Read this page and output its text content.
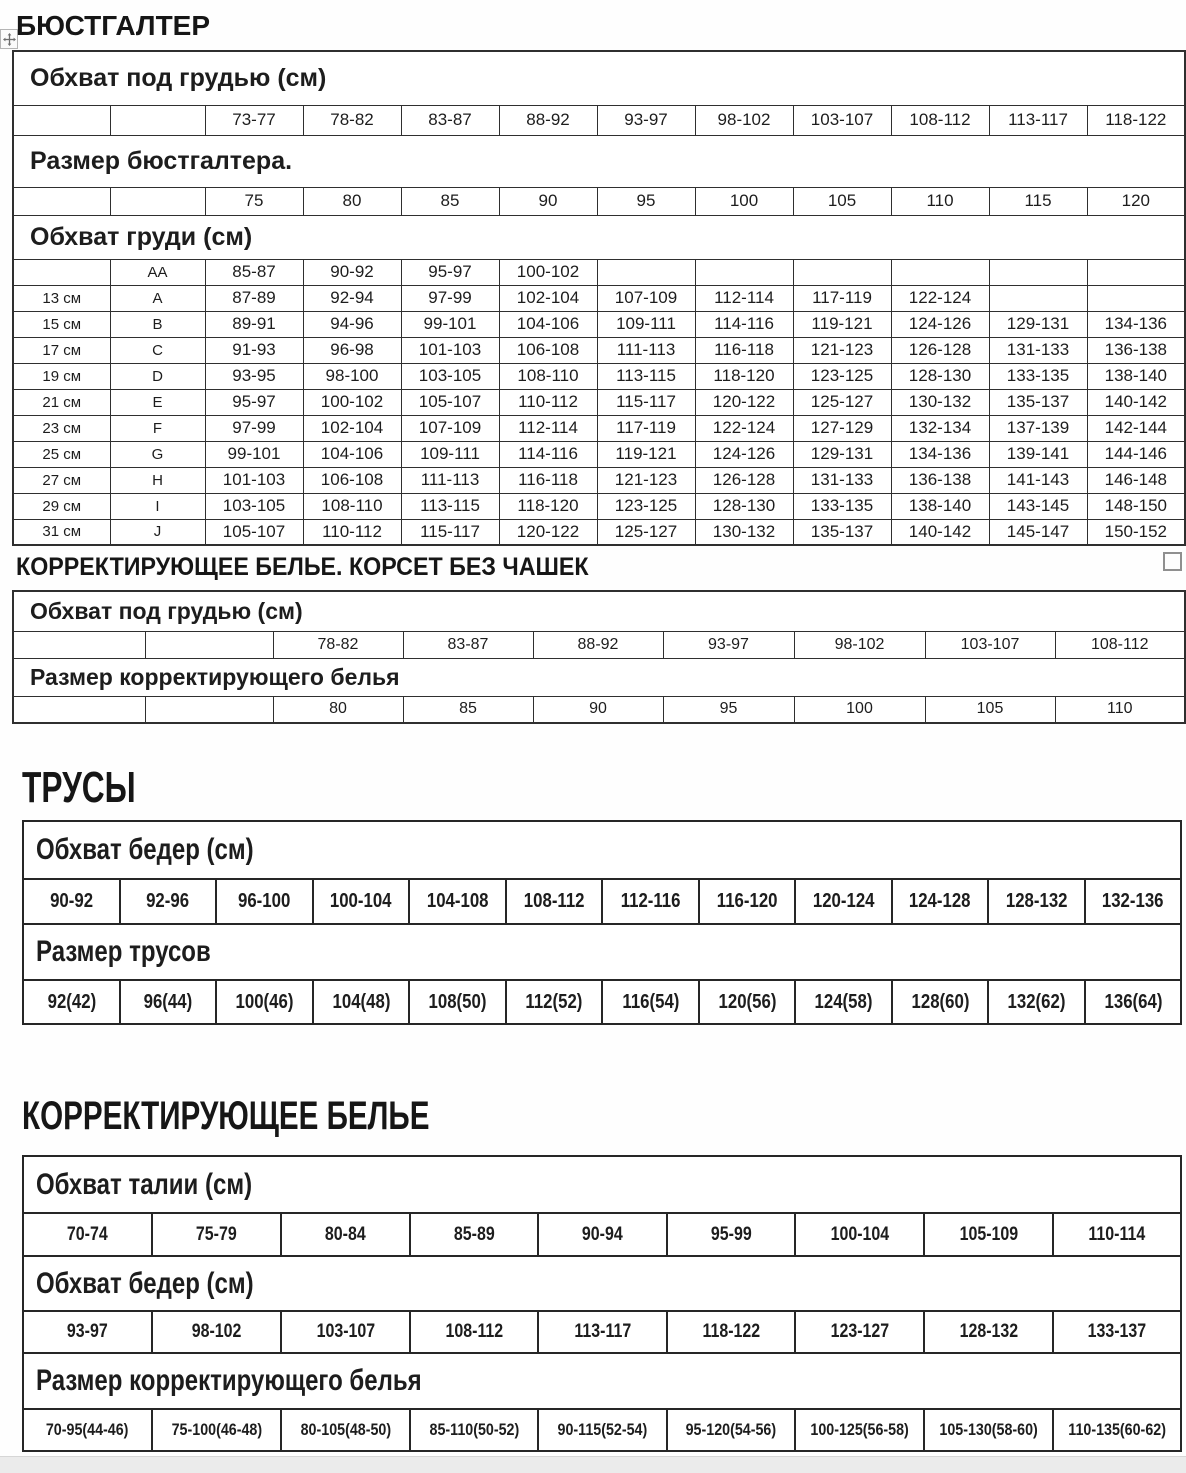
БЮСТГАЛТЕР
Обхват под грудью (см)											
		73-77	78-82	83-87	88-92	93-97	98-102	103-107	108-112	113-117	118-122
Размер бюстгалтера.											
		75	80	85	90	95	100	105	110	115	120
Обхват груди (см)											
	АА	85-87	90-92	95-97	100-102						
13 см	A	87-89	92-94	97-99	102-104	107-109	112-114	117-119	122-124		
15 см	B	89-91	94-96	99-101	104-106	109-111	114-116	119-121	124-126	129-131	134-136
17 см	C	91-93	96-98	101-103	106-108	111-113	116-118	121-123	126-128	131-133	136-138
19 см	D	93-95	98-100	103-105	108-110	113-115	118-120	123-125	128-130	133-135	138-140
21 см	E	95-97	100-102	105-107	110-112	115-117	120-122	125-127	130-132	135-137	140-142
23 см	F	97-99	102-104	107-109	112-114	117-119	122-124	127-129	132-134	137-139	142-144
25 см	G	99-101	104-106	109-111	114-116	119-121	124-126	129-131	134-136	139-141	144-146
27 см	H	101-103	106-108	111-113	116-118	121-123	126-128	131-133	136-138	141-143	146-148
29 см	I	103-105	108-110	113-115	118-120	123-125	128-130	133-135	138-140	143-145	148-150
31 см	J	105-107	110-112	115-117	120-122	125-127	130-132	135-137	140-142	145-147	150-152
КОРРЕКТИРУЮЩЕЕ БЕЛЬЕ. КОРСЕТ БЕЗ ЧАШЕК
Обхват под грудью (см)								
		78-82	83-87	88-92	93-97	98-102	103-107	108-112
Размер корректирующего белья								
		80	85	90	95	100	105	110
ТРУСЫ
Обхват бедер (см)											
90-92	92-96	96-100	100-104	104-108	108-112	112-116	116-120	120-124	124-128	128-132	132-136
Размер трусов											
92(42)	96(44)	100(46)	104(48)	108(50)	112(52)	116(54)	120(56)	124(58)	128(60)	132(62)	136(64)
КОРРЕКТИРУЮЩЕЕ БЕЛЬЕ
Обхват талии (см)								
70-74	75-79	80-84	85-89	90-94	95-99	100-104	105-109	110-114
Обхват бедер (см)								
93-97	98-102	103-107	108-112	113-117	118-122	123-127	128-132	133-137
Размер корректирующего белья								
70-95(44-46)	75-100(46-48)	80-105(48-50)	85-110(50-52)	90-115(52-54)	95-120(54-56)	100-125(56-58)	105-130(58-60)	110-135(60-62)
